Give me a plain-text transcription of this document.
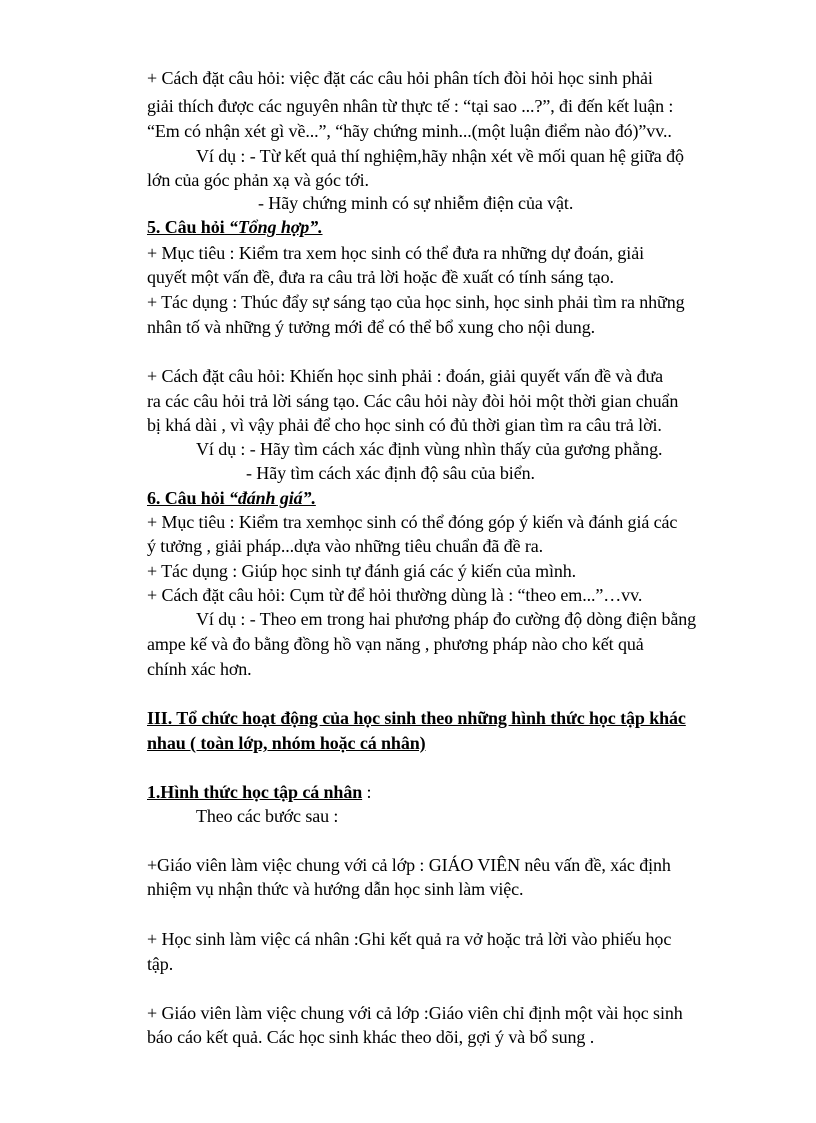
+ Cách đặt câu hỏi: việc đặt các câu hỏi phân tích đòi hỏi học sinh phải
giải thích được các nguyên nhân từ thực tế : “tại sao ...?”, đi đến kết luận :
“Em có nhận xét gì về...”, “hãy chứng minh...(một luận điểm nào đó)”vv..
Ví dụ : - Từ kết quả thí nghiệm,hãy nhận xét về mối quan hệ giữa độ
lớn của góc phản xạ và góc tới.
- Hãy chứng minh có sự nhiễm điện của vật.
5. Câu hỏi “Tổng hợp”.
+ Mục tiêu : Kiểm tra xem học sinh có thể đưa ra những dự đoán, giải
quyết một vấn đề, đưa ra câu trả lời hoặc đề xuất có tính sáng tạo.
+ Tác dụng : Thúc đẩy sự sáng tạo của học sinh, học sinh phải tìm ra những
nhân tố và những ý tưởng mới để có thể bổ xung cho nội dung.
+ Cách đặt câu hỏi: Khiến học sinh phải : đoán, giải quyết vấn đề và đưa
ra các câu hỏi trả lời sáng tạo. Các câu hỏi này đòi hỏi một thời gian chuẩn
bị khá dài , vì vậy phải để cho học sinh có đủ thời gian tìm ra câu trả lời.
Ví dụ : - Hãy tìm cách xác định vùng nhìn thấy của gương phẳng.
- Hãy tìm cách xác định độ sâu của biển.
6. Câu hỏi “đánh giá”.
+ Mục tiêu : Kiểm tra xemhọc sinh có thể đóng góp ý kiến và đánh giá các
ý tưởng , giải pháp...dựa vào những tiêu chuẩn đã đề ra.
+ Tác dụng : Giúp học sinh tự đánh giá các ý kiến của mình.
+ Cách đặt câu hỏi: Cụm từ để hỏi thường dùng là : “theo em...”…vv.
Ví dụ : - Theo em trong hai phương pháp đo cường độ dòng điện bằng
ampe kế và đo bằng đồng hồ vạn năng , phương pháp nào cho kết quả
chính xác hơn.
III. Tổ chức hoạt động của học sinh theo những hình thức học tập khác
nhau ( toàn lớp, nhóm hoặc cá nhân)
1.Hình thức học tập cá nhân :
Theo các bước sau :
+Giáo viên làm việc chung với cả lớp : GIÁO VIÊN nêu vấn đề, xác định
nhiệm vụ nhận thức và hướng dẫn học sinh làm việc.
+ Học sinh làm việc cá nhân :Ghi kết quả ra vở hoặc trả lời vào phiếu học
tập.
+ Giáo viên làm việc chung với cả lớp :Giáo viên chỉ định một vài học sinh
báo cáo kết quả. Các học sinh khác theo dõi, gợi ý và bổ sung .
